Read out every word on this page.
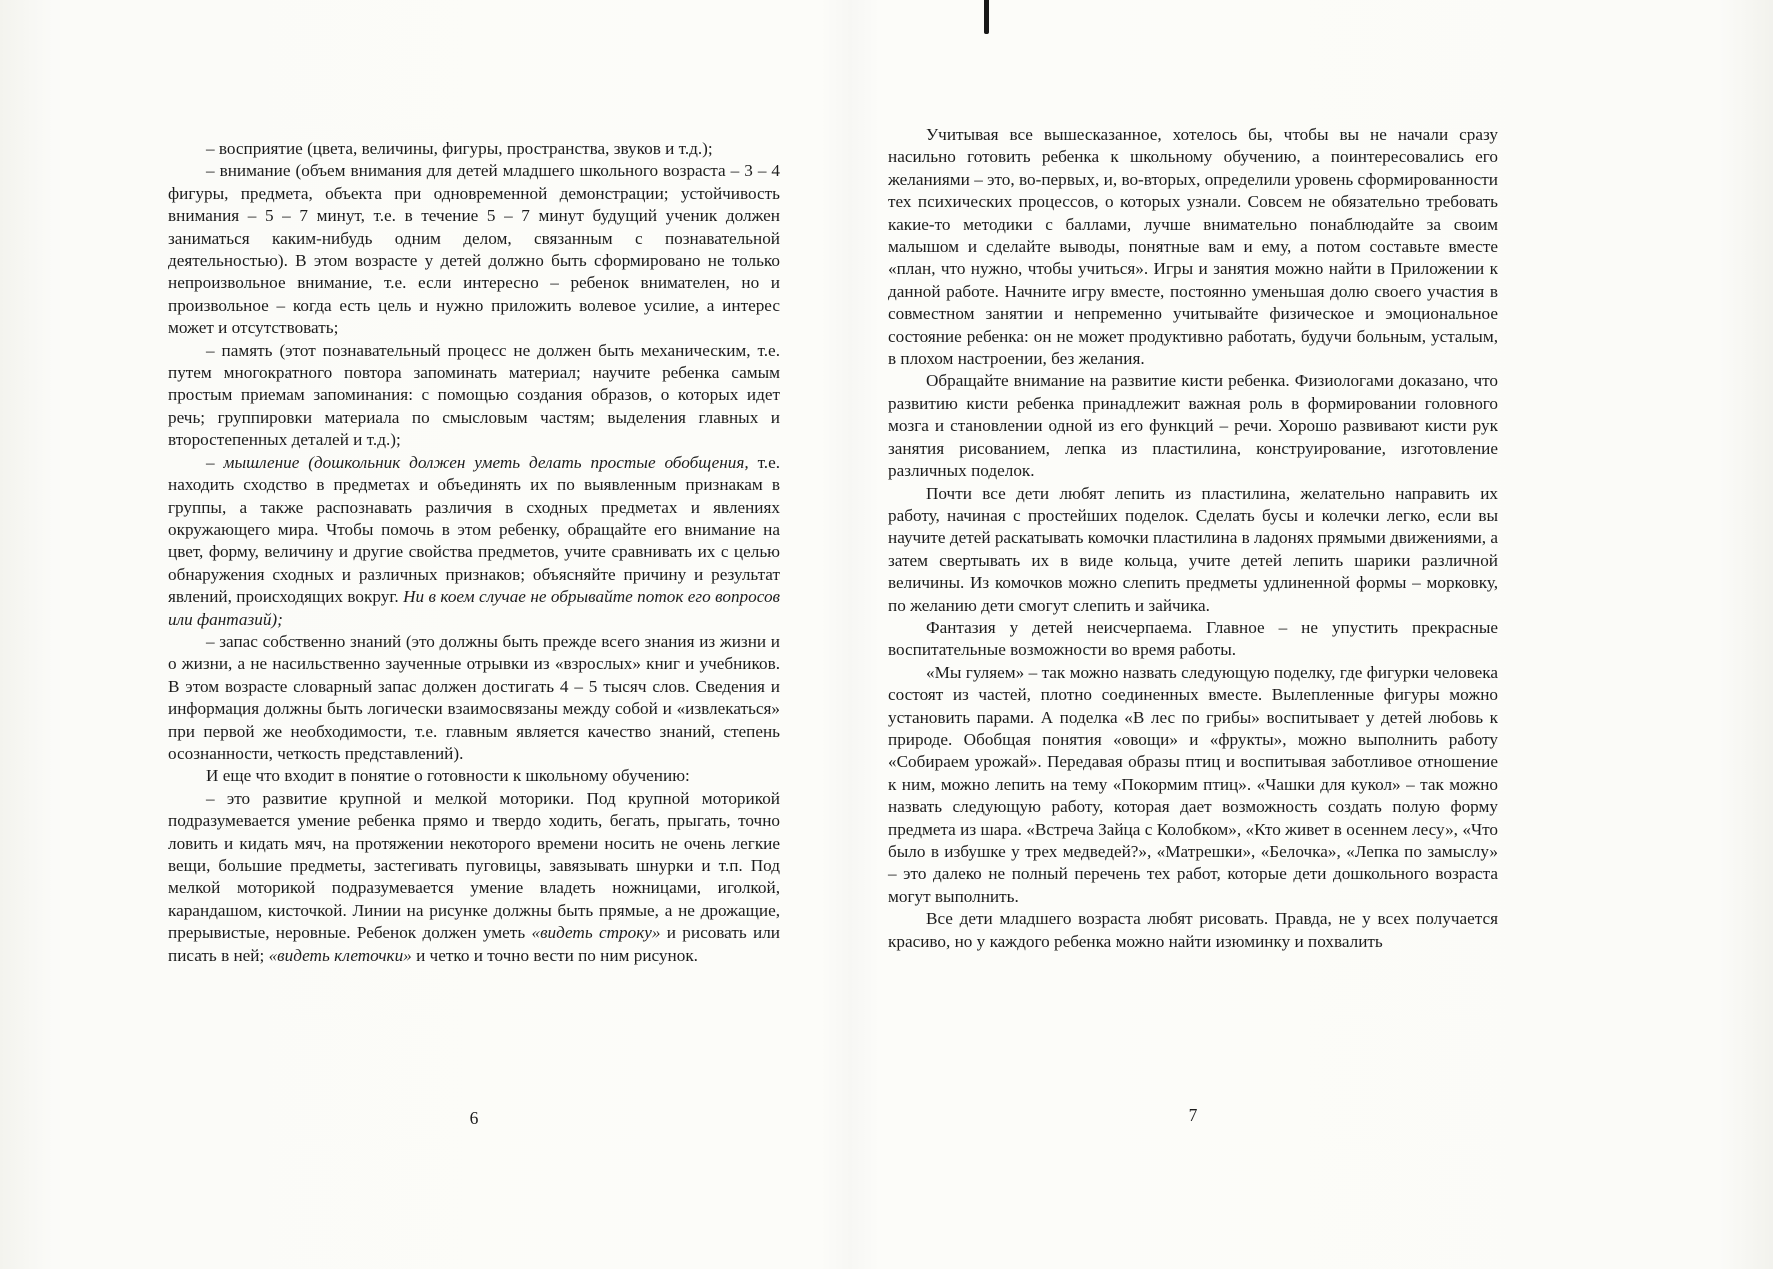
– восприятие (цвета, величины, фигуры, пространства, звуков и т.д.);

– внимание (объем внимания для детей младшего школьного возраста – 3 – 4 фигуры, предмета, объекта при одновременной демонстрации; устойчивость внимания – 5 – 7 минут, т.е. в течение 5 – 7 минут будущий ученик должен заниматься каким-нибудь одним делом, связанным с познавательной деятельностью). В этом возрасте у детей должно быть сформировано не только непроизвольное внимание, т.е. если интересно – ребенок внимателен, но и произвольное – когда есть цель и нужно приложить волевое усилие, а интерес может и отсутствовать;

– память (этот познавательный процесс не должен быть механическим, т.е. путем многократного повтора запоминать материал; научите ребенка самым простым приемам запоминания: с помощью создания образов, о которых идет речь; группировки материала по смысловым частям; выделения главных и второстепенных деталей и т.д.);

– мышление (дошкольник должен уметь делать простые обобщения, т.е. находить сходство в предметах и объединять их по выявленным признакам в группы, а также распознавать различия в сходных предметах и явлениях окружающего мира. Чтобы помочь в этом ребенку, обращайте его внимание на цвет, форму, величину и другие свойства предметов, учите сравнивать их с целью обнаружения сходных и различных признаков; объясняйте причину и результат явлений, происходящих вокруг. Ни в коем случае не обрывайте поток его вопросов или фантазий);

– запас собственно знаний (это должны быть прежде всего знания из жизни и о жизни, а не насильственно заученные отрывки из «взрослых» книг и учебников. В этом возрасте словарный запас должен достигать 4 – 5 тысяч слов. Сведения и информация должны быть логически взаимосвязаны между собой и «извлекаться» при первой же необходимости, т.е. главным является качество знаний, степень осознанности, четкость представлений).

И еще что входит в понятие о готовности к школьному обучению:

– это развитие крупной и мелкой моторики. Под крупной моторикой подразумевается умение ребенка прямо и твердо ходить, бегать, прыгать, точно ловить и кидать мяч, на протяжении некоторого времени носить не очень легкие вещи, большие предметы, застегивать пуговицы, завязывать шнурки и т.п. Под мелкой моторикой подразумевается умение владеть ножницами, иголкой, карандашом, кисточкой. Линии на рисунке должны быть прямые, а не дрожащие, прерывистые, неровные. Ребенок должен уметь «видеть строку» и рисовать или писать в ней; «видеть клеточки» и четко и точно вести по ним рисунок.

6

Учитывая все вышесказанное, хотелось бы, чтобы вы не начали сразу насильно готовить ребенка к школьному обучению, а поинтересовались его желаниями – это, во-первых, и, во-вторых, определили уровень сформированности тех психических процессов, о которых узнали. Совсем не обязательно требовать какие-то методики с баллами, лучше внимательно понаблюдайте за своим малышом и сделайте выводы, понятные вам и ему, а потом составьте вместе «план, что нужно, чтобы учиться». Игры и занятия можно найти в Приложении к данной работе. Начните игру вместе, постоянно уменьшая долю своего участия в совместном занятии и непременно учитывайте физическое и эмоциональное состояние ребенка: он не может продуктивно работать, будучи больным, усталым, в плохом настроении, без желания.

Обращайте внимание на развитие кисти ребенка. Физиологами доказано, что развитию кисти ребенка принадлежит важная роль в формировании головного мозга и становлении одной из его функций – речи. Хорошо развивают кисти рук занятия рисованием, лепка из пластилина, конструирование, изготовление различных поделок.

Почти все дети любят лепить из пластилина, желательно направить их работу, начиная с простейших поделок. Сделать бусы и колечки легко, если вы научите детей раскатывать комочки пластилина в ладонях прямыми движениями, а затем свертывать их в виде кольца, учите детей лепить шарики различной величины. Из комочков можно слепить предметы удлиненной формы – морковку, по желанию дети смогут слепить и зайчика.

Фантазия у детей неисчерпаема. Главное – не упустить прекрасные воспитательные возможности во время работы.

«Мы гуляем» – так можно назвать следующую поделку, где фигурки человека состоят из частей, плотно соединенных вместе. Вылепленные фигуры можно установить парами. А поделка «В лес по грибы» воспитывает у детей любовь к природе. Обобщая понятия «овощи» и «фрукты», можно выполнить работу «Собираем урожай». Передавая образы птиц и воспитывая заботливое отношение к ним, можно лепить на тему «Покормим птиц». «Чашки для кукол» – так можно назвать следующую работу, которая дает возможность создать полую форму предмета из шара. «Встреча Зайца с Колобком», «Кто живет в осеннем лесу», «Что было в избушке у трех медведей?», «Матрешки», «Белочка», «Лепка по замыслу» – это далеко не полный перечень тех работ, которые дети дошкольного возраста могут выполнить.

Все дети младшего возраста любят рисовать. Правда, не у всех получается красиво, но у каждого ребенка можно найти изюминку и похвалить

7
